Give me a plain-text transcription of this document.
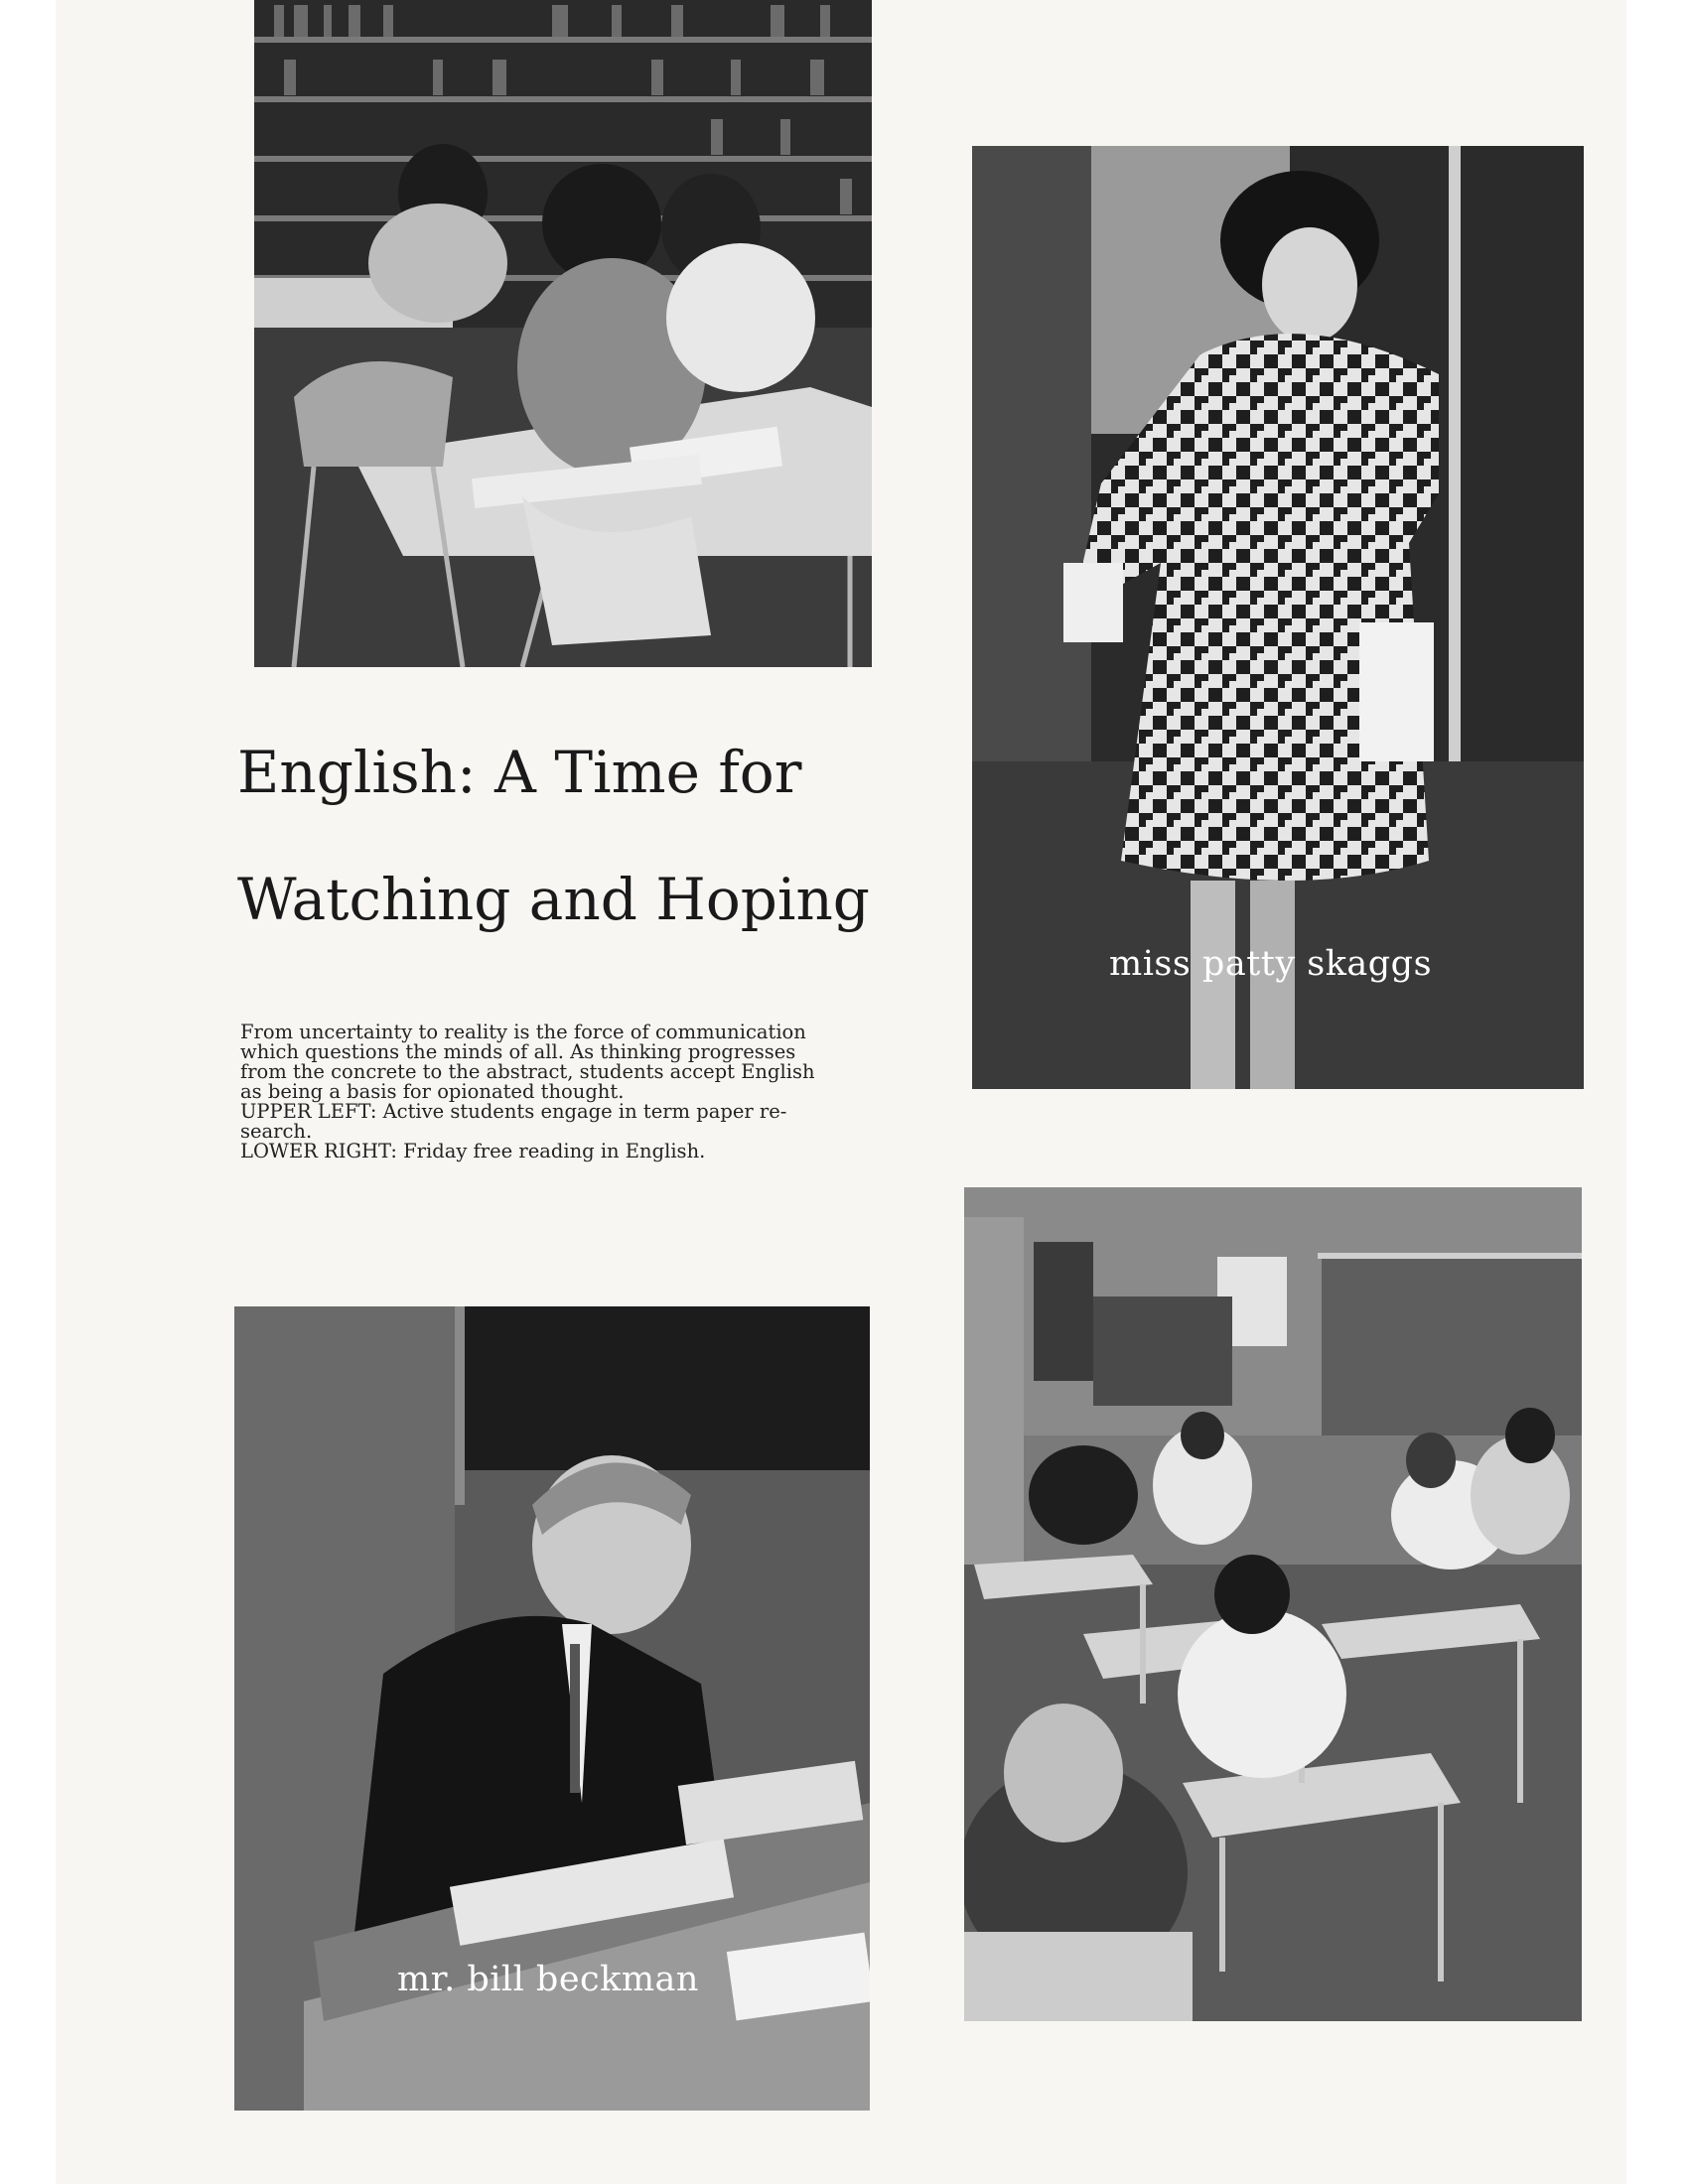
miss patty skaggs
English: A Time for
Watching and Hoping
From uncertainty to reality is the force of communication
which questions the minds of all. As thinking progresses
from the concrete to the abstract, students accept English
as being a basis for opionated thought.
UPPER LEFT: Active students engage in term paper re-
search.
LOWER RIGHT: Friday free reading in English.
mr. bill beckman
